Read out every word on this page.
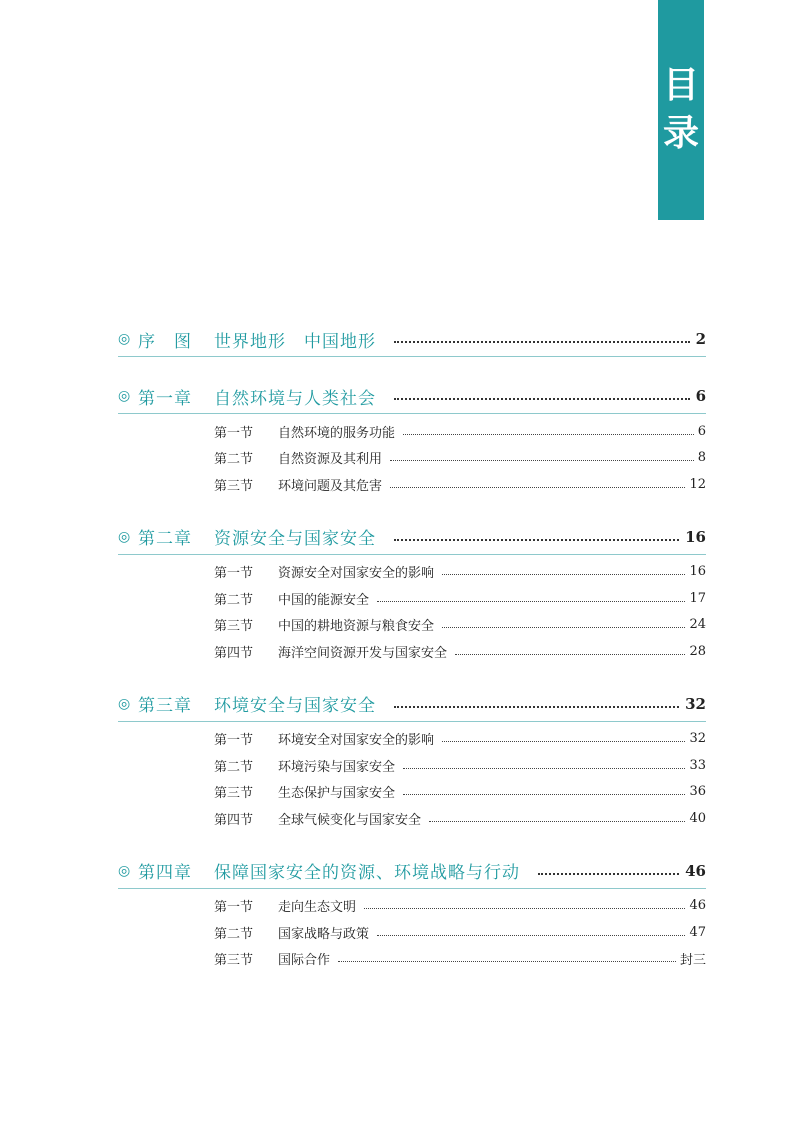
目
录
◎ 序　图 世界地形　中国地形	2
◎ 第一章 自然环境与人类社会	6
第一节	自然环境的服务功能	6
第二节	自然资源及其利用	8
第三节	环境问题及其危害	12
◎ 第二章 资源安全与国家安全	16
第一节	资源安全对国家安全的影响	16
第二节	中国的能源安全	17
第三节	中国的耕地资源与粮食安全	24
第四节	海洋空间资源开发与国家安全	28
◎ 第三章 环境安全与国家安全	32
第一节	环境安全对国家安全的影响	32
第二节	环境污染与国家安全	33
第三节	生态保护与国家安全	36
第四节	全球气候变化与国家安全	40
◎ 第四章 保障国家安全的资源、环境战略与行动	46
第一节	走向生态文明	46
第二节	国家战略与政策	47
第三节	国际合作	封三
